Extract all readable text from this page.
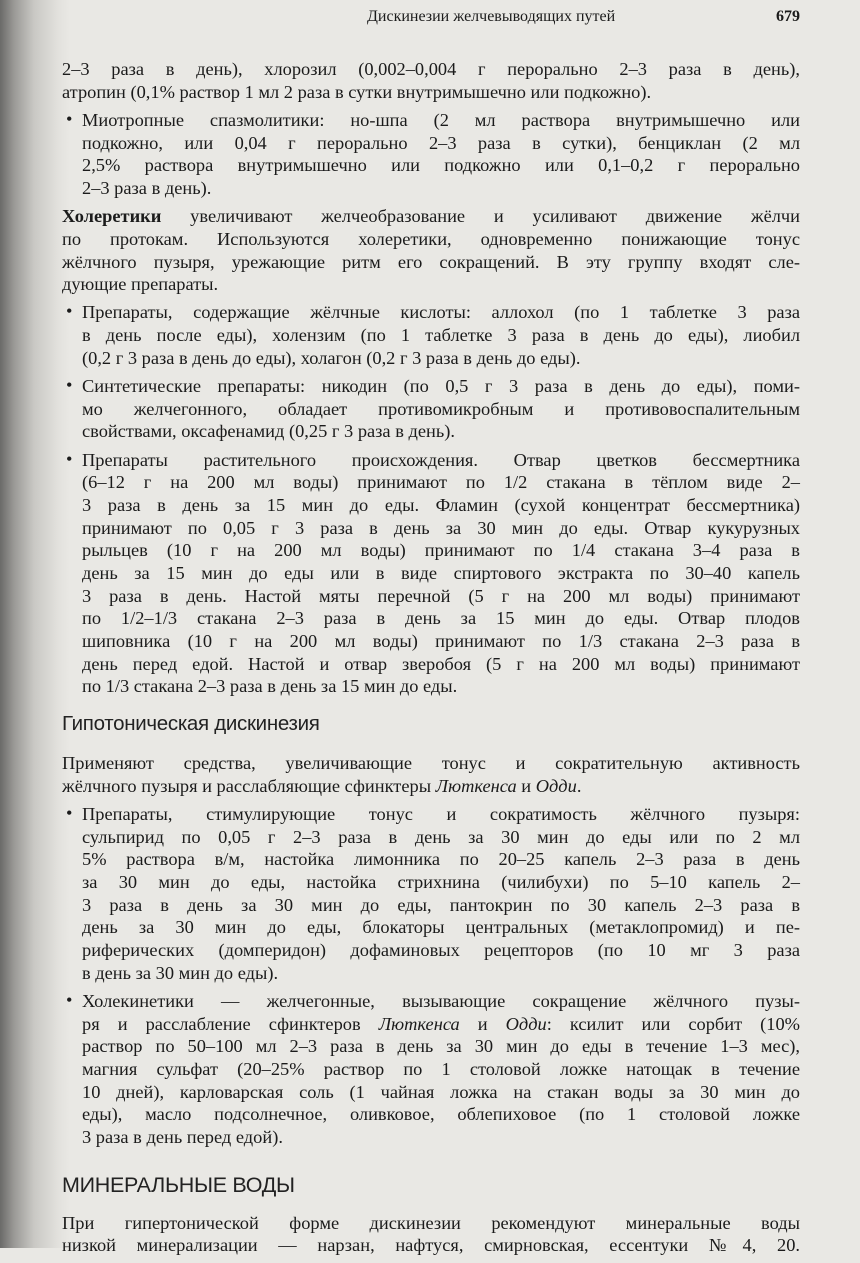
Дискинезии желчевыводящих путей	679
2–3 раза в день), хлорозил (0,002–0,004 г перорально 2–3 раза в день),
атропин (0,1% раствор 1 мл 2 раза в сутки внутримышечно или подкожно).
• Миотропные спазмолитики: но-шпа (2 мл раствора внутримышечно или
подкожно, или 0,04 г перорально 2–3 раза в сутки), бенциклан (2 мл
2,5% раствора внутримышечно или подкожно или 0,1–0,2 г перорально
2–3 раза в день).
Холеретики увеличивают желчеобразование и усиливают движение жёлчи
по протокам. Используются холеретики, одновременно понижающие тонус
жёлчного пузыря, урежающие ритм его сокращений. В эту группу входят сле-
дующие препараты.
• Препараты, содержащие жёлчные кислоты: аллохол (по 1 таблетке 3 раза
в день после еды), холензим (по 1 таблетке 3 раза в день до еды), лиобил
(0,2 г 3 раза в день до еды), холагон (0,2 г 3 раза в день до еды).
• Синтетические препараты: никодин (по 0,5 г 3 раза в день до еды), поми-
мо желчегонного, обладает противомикробным и противовоспалительным
свойствами, оксафенамид (0,25 г 3 раза в день).
• Препараты растительного происхождения. Отвар цветков бессмертника
(6–12 г на 200 мл воды) принимают по 1/2 стакана в тёплом виде 2–
3 раза в день за 15 мин до еды. Фламин (сухой концентрат бессмертника)
принимают по 0,05 г 3 раза в день за 30 мин до еды. Отвар кукурузных
рыльцев (10 г на 200 мл воды) принимают по 1/4 стакана 3–4 раза в
день за 15 мин до еды или в виде спиртового экстракта по 30–40 капель
3 раза в день. Настой мяты перечной (5 г на 200 мл воды) принимают
по 1/2–1/3 стакана 2–3 раза в день за 15 мин до еды. Отвар плодов
шиповника (10 г на 200 мл воды) принимают по 1/3 стакана 2–3 раза в
день перед едой. Настой и отвар зверобоя (5 г на 200 мл воды) принимают
по 1/3 стакана 2–3 раза в день за 15 мин до еды.
Гипотоническая дискинезия
Применяют средства, увеличивающие тонус и сократительную активность
жёлчного пузыря и расслабляющие сфинктеры Люткенса и Одди.
• Препараты, стимулирующие тонус и сократимость жёлчного пузыря:
сульпирид по 0,05 г 2–3 раза в день за 30 мин до еды или по 2 мл
5% раствора в/м, настойка лимонника по 20–25 капель 2–3 раза в день
за 30 мин до еды, настойка стрихнина (чилибухи) по 5–10 капель 2–
3 раза в день за 30 мин до еды, пантокрин по 30 капель 2–3 раза в
день за 30 мин до еды, блокаторы центральных (метаклопромид) и пе-
риферических (домперидон) дофаминовых рецепторов (по 10 мг 3 раза
в день за 30 мин до еды).
• Холекинетики — желчегонные, вызывающие сокращение жёлчного пузы-
ря и расслабление сфинктеров Люткенса и Одди: ксилит или сорбит (10%
раствор по 50–100 мл 2–3 раза в день за 30 мин до еды в течение 1–3 мес),
магния сульфат (20–25% раствор по 1 столовой ложке натощак в течение
10 дней), карловарская соль (1 чайная ложка на стакан воды за 30 мин до
еды), масло подсолнечное, оливковое, облепиховое (по 1 столовой ложке
3 раза в день перед едой).
МИНЕРАЛЬНЫЕ ВОДЫ
При гипертонической форме дискинезии рекомендуют минеральные воды
низкой минерализации — нарзан, нафтуся, смирновская, ессентуки №4, 20.
